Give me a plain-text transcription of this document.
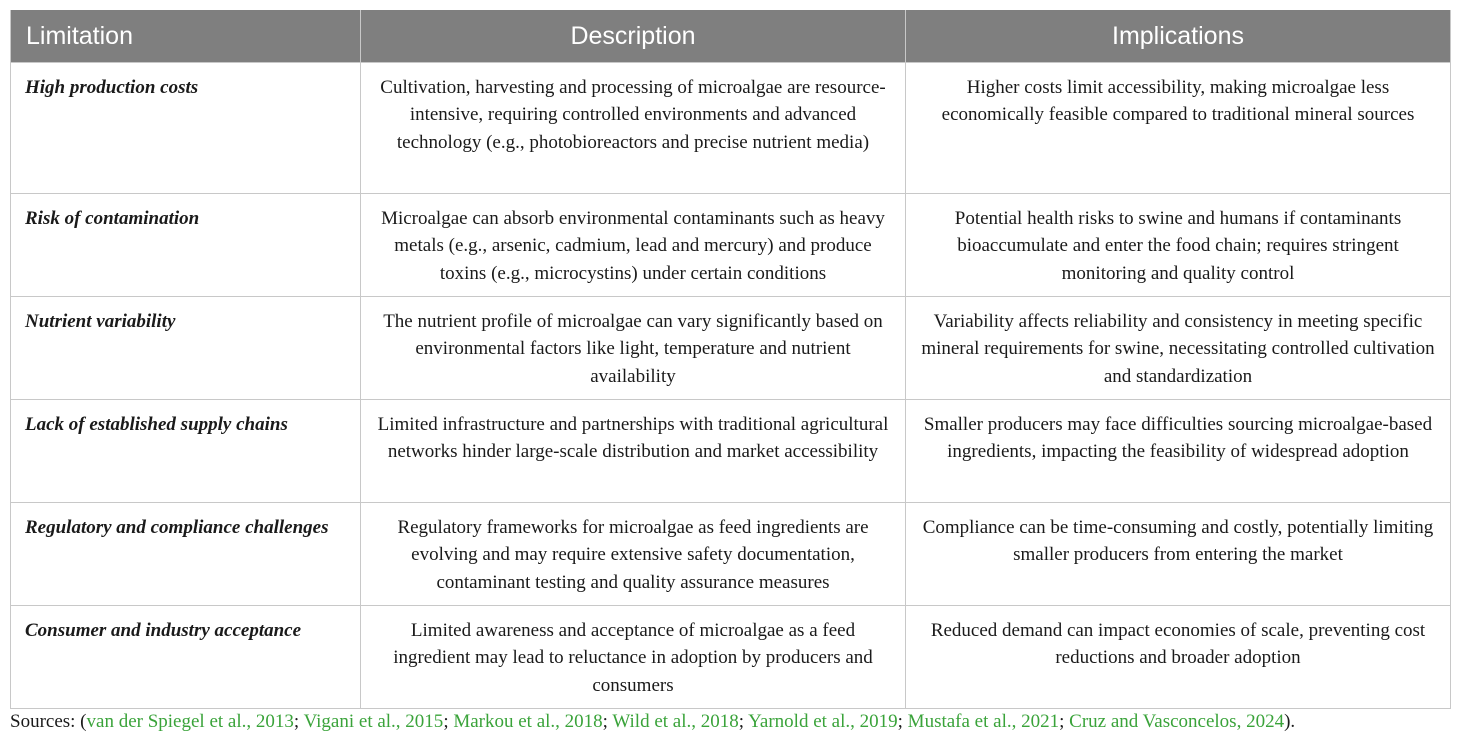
Limitation	Description	Implications
High production costs	Cultivation, harvesting and processing of microalgae are resource-intensive, requiring controlled environments and advanced technology (e.g., photobioreactors and precise nutrient media)	Higher costs limit accessibility, making microalgae less economically feasible compared to traditional mineral sources
Risk of contamination	Microalgae can absorb environmental contaminants such as heavy metals (e.g., arsenic, cadmium, lead and mercury) and produce toxins (e.g., microcystins) under certain conditions	Potential health risks to swine and humans if contaminants bioaccumulate and enter the food chain; requires stringent monitoring and quality control
Nutrient variability	The nutrient profile of microalgae can vary significantly based on environmental factors like light, temperature and nutrient availability	Variability affects reliability and consistency in meeting specific mineral requirements for swine, necessitating controlled cultivation and standardization
Lack of established supply chains	Limited infrastructure and partnerships with traditional agricultural networks hinder large-scale distribution and market accessibility	Smaller producers may face difficulties sourcing microalgae-based ingredients, impacting the feasibility of widespread adoption
Regulatory and compliance challenges	Regulatory frameworks for microalgae as feed ingredients are evolving and may require extensive safety documentation, contaminant testing and quality assurance measures	Compliance can be time-consuming and costly, potentially limiting smaller producers from entering the market
Consumer and industry acceptance	Limited awareness and acceptance of microalgae as a feed ingredient may lead to reluctance in adoption by producers and consumers	Reduced demand can impact economies of scale, preventing cost reductions and broader adoption
Sources: (van der Spiegel et al., 2013; Vigani et al., 2015; Markou et al., 2018; Wild et al., 2018; Yarnold et al., 2019; Mustafa et al., 2021; Cruz and Vasconcelos, 2024).
